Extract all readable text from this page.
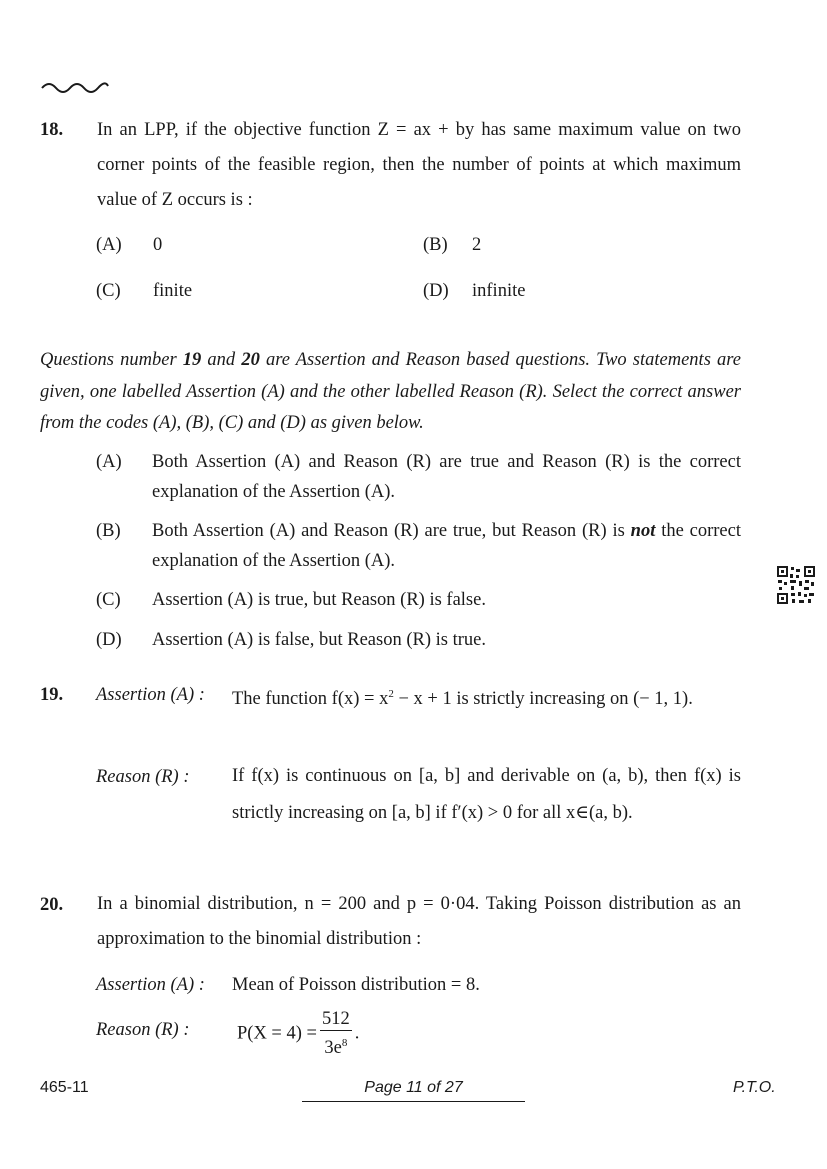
18. In an LPP, if the objective function Z = ax + by has same maximum value on two corner points of the feasible region, then the number of points at which maximum value of Z occurs is :
(A) 0	(B) 2
(C) finite	(D) infinite
Questions number 19 and 20 are Assertion and Reason based questions. Two statements are given, one labelled Assertion (A) and the other labelled Reason (R). Select the correct answer from the codes (A), (B), (C) and (D) as given below.
(A) Both Assertion (A) and Reason (R) are true and Reason (R) is the correct explanation of the Assertion (A).
(B) Both Assertion (A) and Reason (R) are true, but Reason (R) is not the correct explanation of the Assertion (A).
(C) Assertion (A) is true, but Reason (R) is false.
(D) Assertion (A) is false, but Reason (R) is true.
19. Assertion (A) : The function $f(x) = x^2 - x + 1$ is strictly increasing on (− 1, 1).
Reason (R) : If f(x) is continuous on [a, b] and derivable on (a, b), then f(x) is strictly increasing on [a, b] if f′(x) > 0 for all x∈(a, b).
20. In a binomial distribution, n = 200 and p = 0·04. Taking Poisson distribution as an approximation to the binomial distribution :
Assertion (A) : Mean of Poisson distribution = 8.
Reason (R) :	$P(X = 4) = \frac{512}{3e^8}$ .
465-11	Page 11 of 27	P.T.O.
